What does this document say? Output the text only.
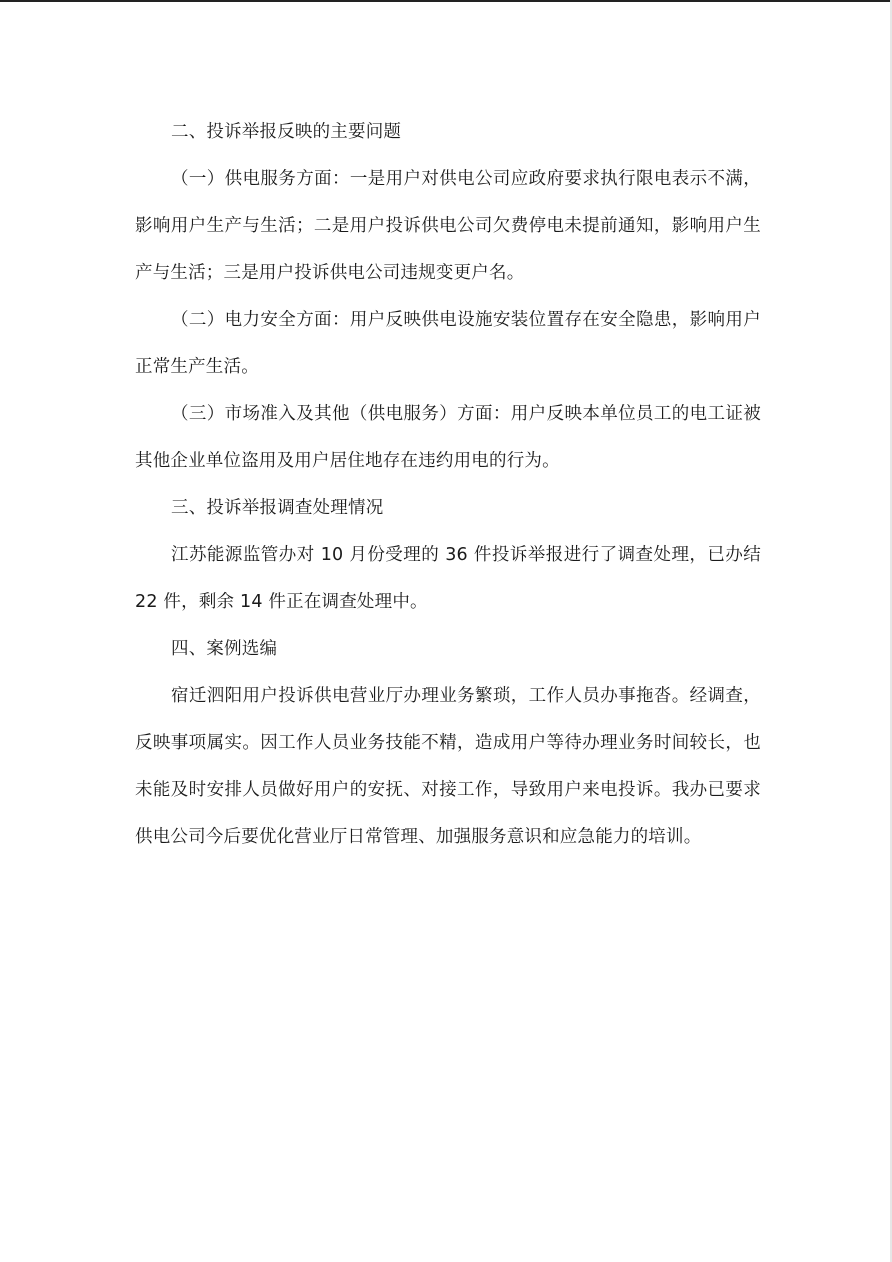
二、投诉举报反映的主要问题

（一）供电服务方面：一是用户对供电公司应政府要求执行限电表示不满，影响用户生产与生活；二是用户投诉供电公司欠费停电未提前通知，影响用户生产与生活；三是用户投诉供电公司违规变更户名。

（二）电力安全方面：用户反映供电设施安装位置存在安全隐患，影响用户正常生产生活。

（三）市场准入及其他（供电服务）方面：用户反映本单位员工的电工证被其他企业单位盗用及用户居住地存在违约用电的行为。

三、投诉举报调查处理情况

江苏能源监管办对 10 月份受理的 36 件投诉举报进行了调查处理，已办结 22 件，剩余 14 件正在调查处理中。

四、案例选编

宿迁泗阳用户投诉供电营业厅办理业务繁琐，工作人员办事拖沓。经调查，反映事项属实。因工作人员业务技能不精，造成用户等待办理业务时间较长，也未能及时安排人员做好用户的安抚、对接工作，导致用户来电投诉。我办已要求供电公司今后要优化营业厅日常管理、加强服务意识和应急能力的培训。
